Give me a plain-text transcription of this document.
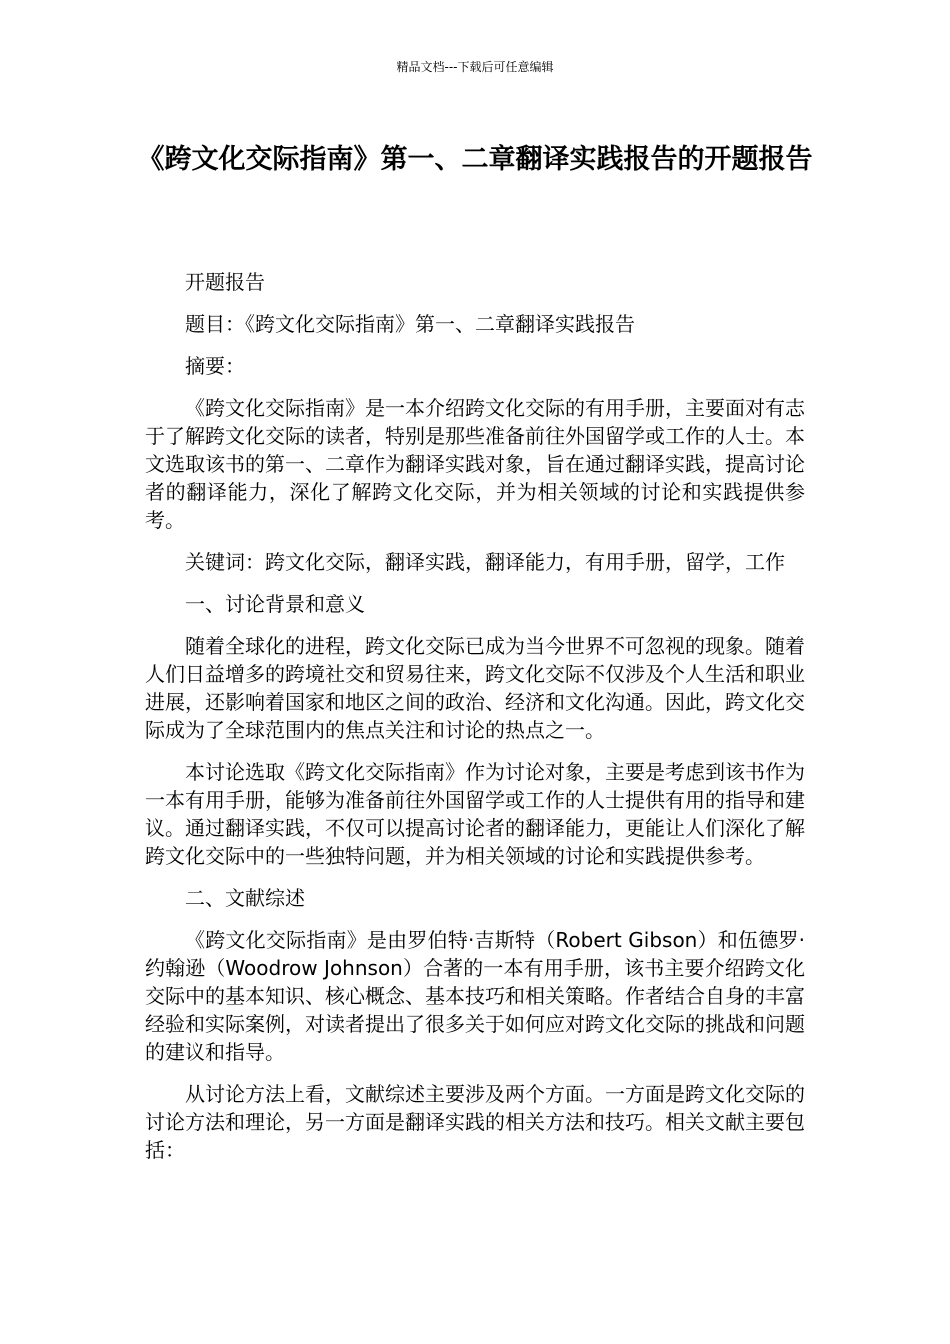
精品文档---下载后可任意编辑
《跨文化交际指南》第一、二章翻译实践报告的开题报告

开题报告

题目：《跨文化交际指南》第一、二章翻译实践报告

摘要：

《跨文化交际指南》是一本介绍跨文化交际的有用手册，主要面对有志于了解跨文化交际的读者，特别是那些准备前往外国留学或工作的人士。本文选取该书的第一、二章作为翻译实践对象，旨在通过翻译实践，提高讨论者的翻译能力，深化了解跨文化交际，并为相关领域的讨论和实践提供参考。

关键词：跨文化交际，翻译实践，翻译能力，有用手册，留学，工作

一、讨论背景和意义

随着全球化的进程，跨文化交际已成为当今世界不可忽视的现象。随着人们日益增多的跨境社交和贸易往来，跨文化交际不仅涉及个人生活和职业进展，还影响着国家和地区之间的政治、经济和文化沟通。因此，跨文化交际成为了全球范围内的焦点关注和讨论的热点之一。

本讨论选取《跨文化交际指南》作为讨论对象，主要是考虑到该书作为一本有用手册，能够为准备前往外国留学或工作的人士提供有用的指导和建议。通过翻译实践，不仅可以提高讨论者的翻译能力，更能让人们深化了解跨文化交际中的一些独特问题，并为相关领域的讨论和实践提供参考。

二、文献综述

《跨文化交际指南》是由罗伯特·吉斯特（Robert Gibson）和伍德罗·约翰逊（Woodrow Johnson）合著的一本有用手册，该书主要介绍跨文化交际中的基本知识、核心概念、基本技巧和相关策略。作者结合自身的丰富经验和实际案例，对读者提出了很多关于如何应对跨文化交际的挑战和问题的建议和指导。

从讨论方法上看，文献综述主要涉及两个方面。一方面是跨文化交际的讨论方法和理论，另一方面是翻译实践的相关方法和技巧。相关文献主要包括：
